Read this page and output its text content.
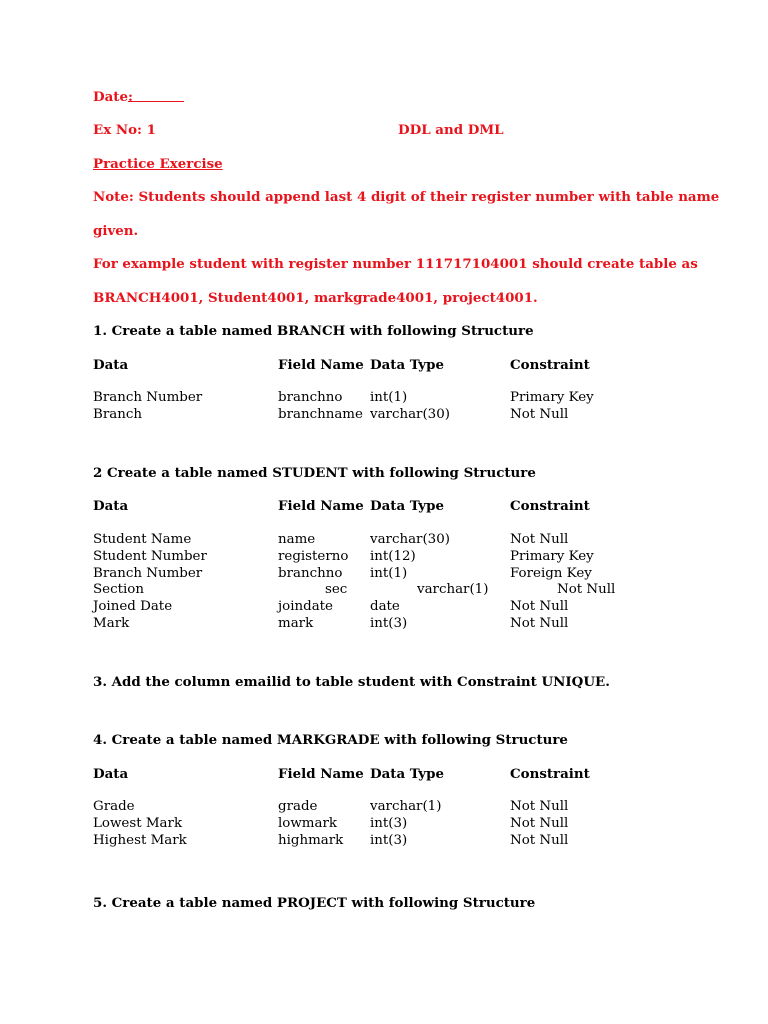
Date:
Ex No: 1	DDL and DML
Practice Exercise
Note: Students should append last 4 digit of their register number with table name
given.
For example student with register number 111717104001 should create table as
BRANCH4001, Student4001, markgrade4001, project4001.
1. Create a table named BRANCH with following Structure
Data	Field Name Data Type	Constraint
Branch Number	branchno int(1)	Primary Key
Branch	branchname varchar(30)	Not Null
2 Create a table named STUDENT with following Structure
Data	Field Name Data Type	Constraint
Student Name	name	varchar(30)	Not Null
Student Number	registerno int(12)	Primary Key
Branch Number	branchno int(1)	Foreign Key
Section	sec	varchar(1)	Not Null
Joined Date	joindate	date	Not Null
Mark	mark	int(3)	Not Null
3. Add the column emailid to table student with Constraint UNIQUE.
4. Create a table named MARKGRADE with following Structure
Data	Field Name Data Type	Constraint
Grade	grade	varchar(1)	Not Null
Lowest Mark	lowmark int(3)	Not Null
Highest Mark	highmark int(3)	Not Null
5. Create a table named PROJECT with following Structure
